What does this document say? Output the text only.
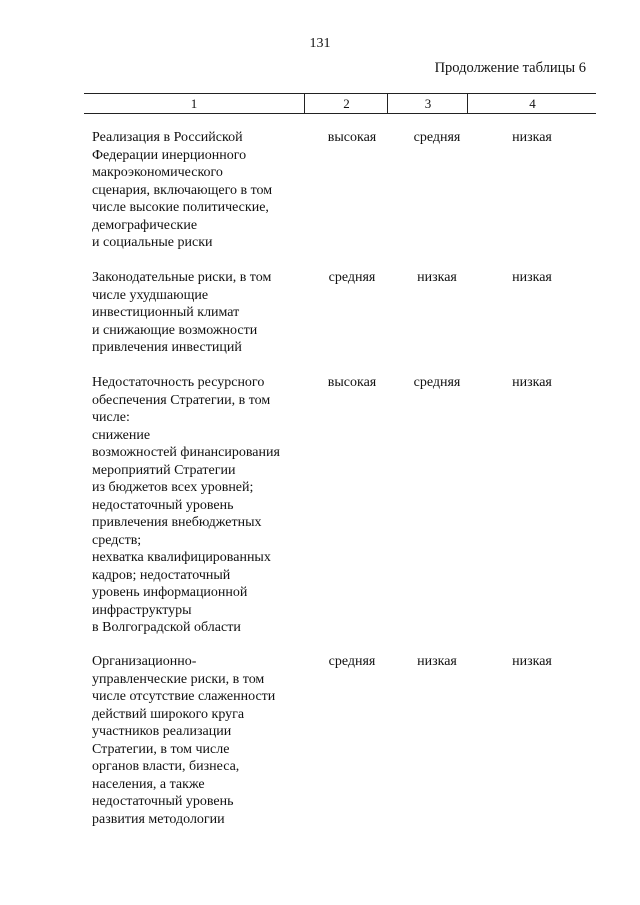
131
Продолжение таблицы 6
1	2	3	4
Реализация в Российской
Федерации инерционного
макроэкономического
сценария, включающего в том
числе высокие политические,
демографические
и социальные риски
высокая	средняя	низкая
Законодательные риски, в том
числе ухудшающие
инвестиционный климат
и снижающие возможности
привлечения инвестиций
средняя	низкая	низкая
Недостаточность ресурсного
обеспечения Стратегии, в том
числе:
снижение
возможностей финансирования
мероприятий Стратегии
из бюджетов всех уровней;
недостаточный уровень
привлечения внебюджетных
средств;
нехватка квалифицированных
кадров; недостаточный
уровень информационной
инфраструктуры
в Волгоградской области
высокая	средняя	низкая
Организационно-
управленческие риски, в том
числе отсутствие слаженности
действий широкого круга
участников реализации
Стратегии, в том числе
органов власти, бизнеса,
населения, а также
недостаточный уровень
развития методологии
средняя	низкая	низкая
